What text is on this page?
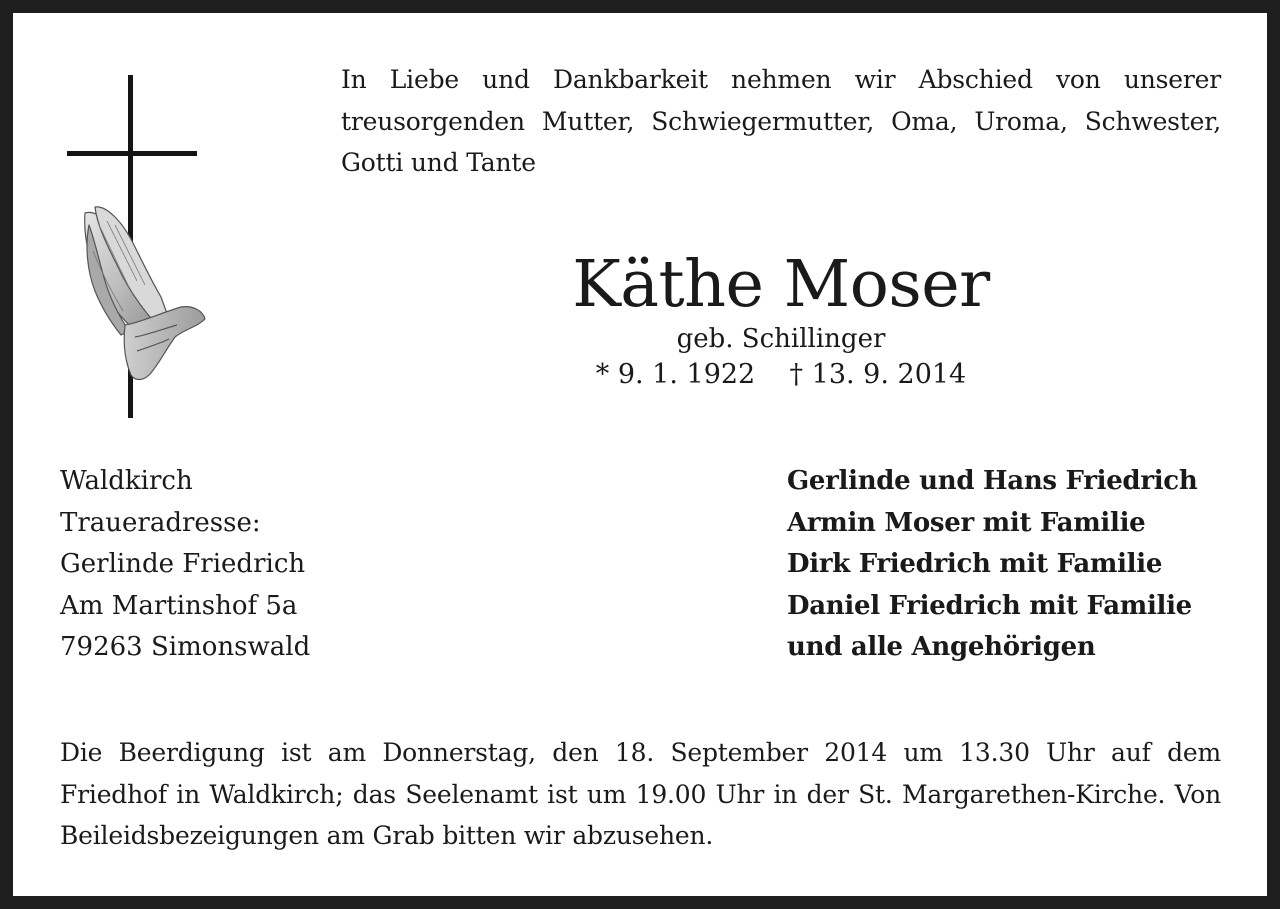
In Liebe und Dankbarkeit nehmen wir Abschied von unserer treusorgenden Mutter, Schwiegermutter, Oma, Uroma, Schwester, Gotti und Tante
Käthe Moser
geb. Schillinger
* 9. 1. 1922    † 13. 9. 2014
Waldkirch
Traueradresse:
Gerlinde Friedrich
Am Martinshof 5a
79263 Simonswald
Gerlinde und Hans Friedrich
Armin Moser mit Familie
Dirk Friedrich mit Familie
Daniel Friedrich mit Familie
und alle Angehörigen
Die Beerdigung ist am Donnerstag, den 18. September 2014 um 13.30 Uhr auf dem Friedhof in Waldkirch; das Seelenamt ist um 19.00 Uhr in der St. Margarethen-Kirche. Von Beileidsbezeigungen am Grab bitten wir abzusehen.
